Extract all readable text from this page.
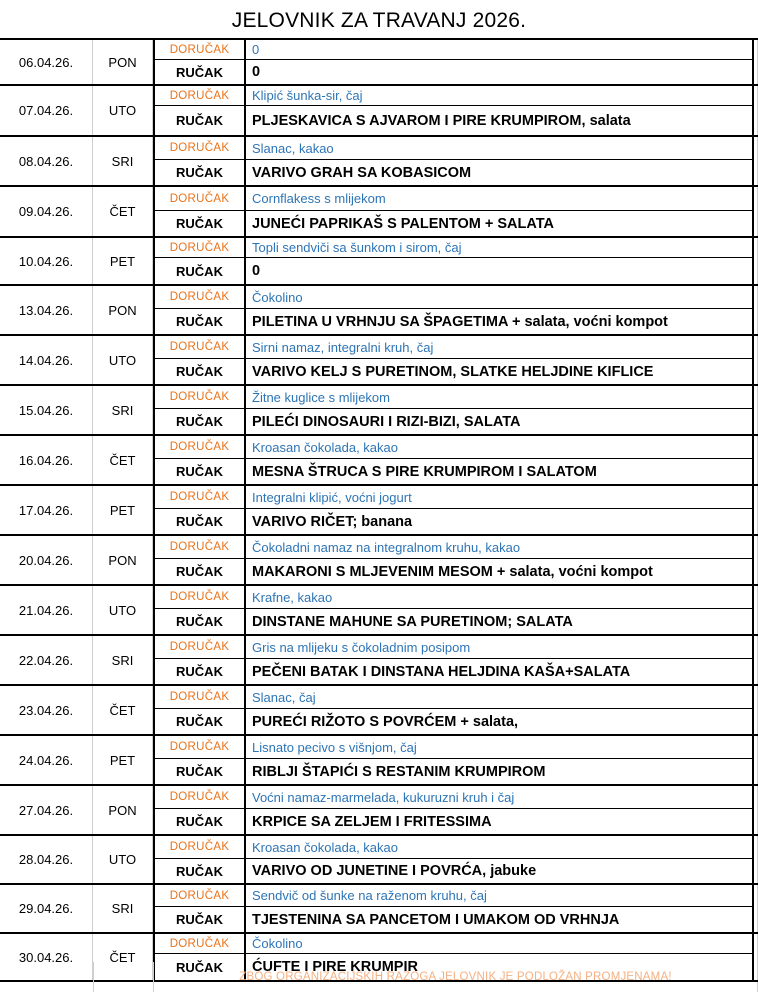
JELOVNIK ZA TRAVANJ 2026.
06.04.26.	PON
DORUČAK	0
RUČAK	0
07.04.26.	UTO
DORUČAK	Klipić šunka-sir, čaj
RUČAK	PLJESKAVICA S AJVAROM I PIRE KRUMPIROM, salata
08.04.26.	SRI
DORUČAK	Slanac, kakao
RUČAK	VARIVO GRAH SA KOBASICOM
09.04.26.	ČET
DORUČAK	Cornflakess s mlijekom
RUČAK	JUNEĆI PAPRIKAŠ S PALENTOM + SALATA
10.04.26.	PET
DORUČAK	Topli sendviči sa šunkom i sirom, čaj
RUČAK	0
13.04.26.	PON
DORUČAK	Čokolino
RUČAK	PILETINA U VRHNJU SA ŠPAGETIMA + salata, voćni kompot
14.04.26.	UTO
DORUČAK	Sirni namaz, integralni kruh, čaj
RUČAK	VARIVO KELJ S PURETINOM, SLATKE HELJDINE KIFLICE
15.04.26.	SRI
DORUČAK	Žitne kuglice s mlijekom
RUČAK	PILEĆI DINOSAURI I RIZI-BIZI, SALATA
16.04.26.	ČET
DORUČAK	Kroasan čokolada, kakao
RUČAK	MESNA ŠTRUCA S PIRE KRUMPIROM I SALATOM
17.04.26.	PET
DORUČAK	Integralni klipić, voćni jogurt
RUČAK	VARIVO RIČET; banana
20.04.26.	PON
DORUČAK	Čokoladni namaz na integralnom kruhu, kakao
RUČAK	MAKARONI S MLJEVENIM MESOM + salata, voćni kompot
21.04.26.	UTO
DORUČAK	Krafne, kakao
RUČAK	DINSTANE MAHUNE SA PURETINOM; SALATA
22.04.26.	SRI
DORUČAK	Gris na mlijeku s čokoladnim posipom
RUČAK	PEČENI BATAK I DINSTANA HELJDINA KAŠA+SALATA
23.04.26.	ČET
DORUČAK	Slanac, čaj
RUČAK	PUREĆI RIŽOTO S POVRĆEM + salata,
24.04.26.	PET
DORUČAK	Lisnato pecivo s višnjom, čaj
RUČAK	RIBLJI ŠTAPIĆI S RESTANIM KRUMPIROM
27.04.26.	PON
DORUČAK	Voćni namaz-marmelada, kukuruzni kruh i čaj
RUČAK	KRPICE SA ZELJEM I FRITESSIMA
28.04.26.	UTO
DORUČAK	Kroasan čokolada, kakao
RUČAK	VARIVO OD JUNETINE I POVRĆA, jabuke
29.04.26.	SRI
DORUČAK	Sendvič od šunke na raženom kruhu, čaj
RUČAK	TJESTENINA SA PANCETOM I UMAKOM OD VRHNJA
30.04.26.	ČET
DORUČAK	Čokolino
RUČAK	ĆUFTE I PIRE KRUMPIR
ZBOG ORGANIZACIJSKIH RAZOGA JELOVNIK JE PODLOŽAN PROMJENAMA!
